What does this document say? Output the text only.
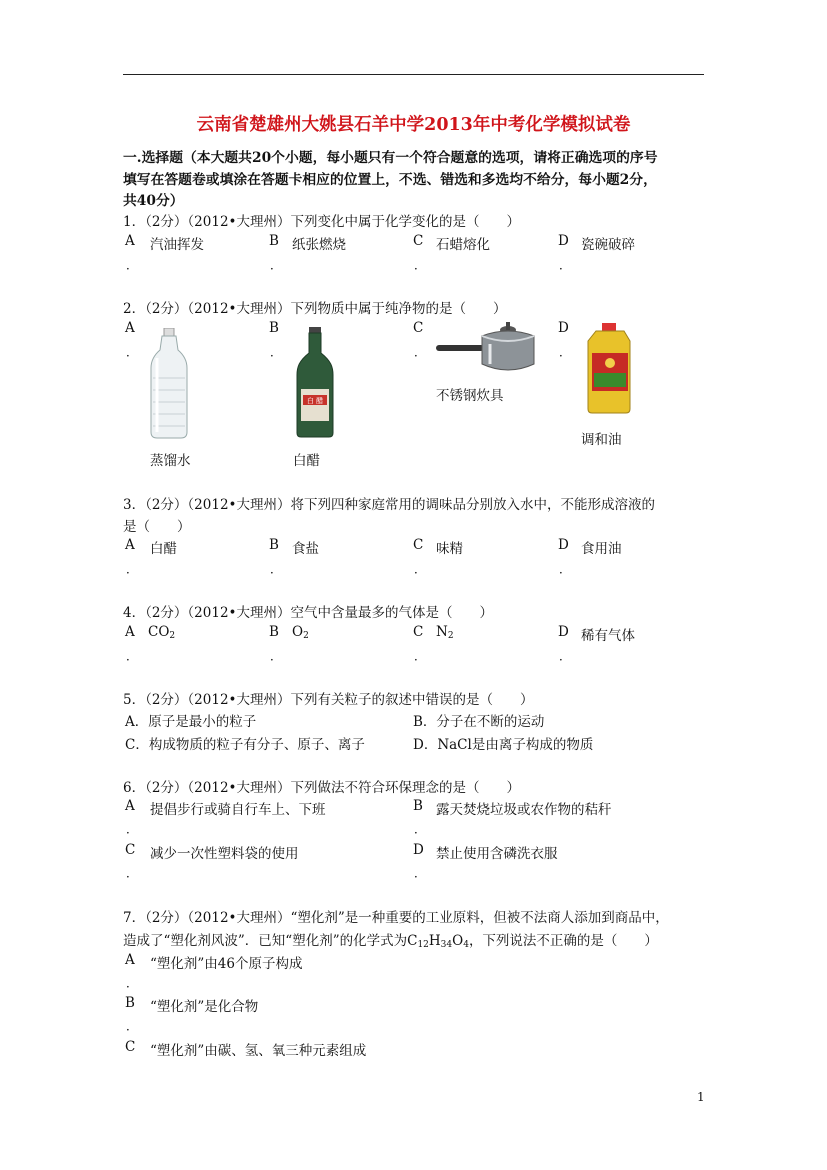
云南省楚雄州大姚县石羊中学2013年中考化学模拟试卷
一.选择题（本大题共20个小题，每小题只有一个符合题意的选项，请将正确选项的序号
填写在答题卷或填涂在答题卡相应的位置上，不选、错选和多选均不给分，每小题2分，
共40分）
1．（2分）（2012•大理州）下列变化中属于化学变化的是（　　）
A 汽油挥发	B 纸张燃烧	C 石蜡熔化	D 瓷碗破碎
．	．	．	．
2．（2分）（2012•大理州）下列物质中属于纯净物的是（　　）
A	B	C	D
．	．	．	．
蒸馏水
白 醋
白醋
不锈钢炊具
调和油
3．（2分）（2012•大理州）将下列四种家庭常用的调味品分别放入水中，不能形成溶液的
是（　　）
A 白醋	B 食盐	C 味精	D 食用油
．	．	．	．
4．（2分）（2012•大理州）空气中含量最多的气体是（　　）
A $CO_2$	B $O_2$	C $N_2$	D 稀有气体
．	．	．	．
5．（2分）（2012•大理州）下列有关粒子的叙述中错误的是（　　）
A．原子是最小的粒子	B．分子在不断的运动
C．构成物质的粒子有分子、原子、离子	D．NaCl是由离子构成的物质
6．（2分）（2012•大理州）下列做法不符合环保理念的是（　　）
A 提倡步行或骑自行车上、下班	B 露天焚烧垃圾或农作物的秸秆
．	．
C 减少一次性塑料袋的使用	D 禁止使用含磷洗衣服
．	．
7．（2分）（2012•大理州）“塑化剂”是一种重要的工业原料，但被不法商人添加到商品中，
造成了“塑化剂风波”．已知“塑化剂”的化学式为$C_{12}H_{34}O_4$，下列说法不正确的是（　　）
A “塑化剂”由46个原子构成
．
B “塑化剂”是化合物
．
C “塑化剂”由碳、氢、氧三种元素组成
1
